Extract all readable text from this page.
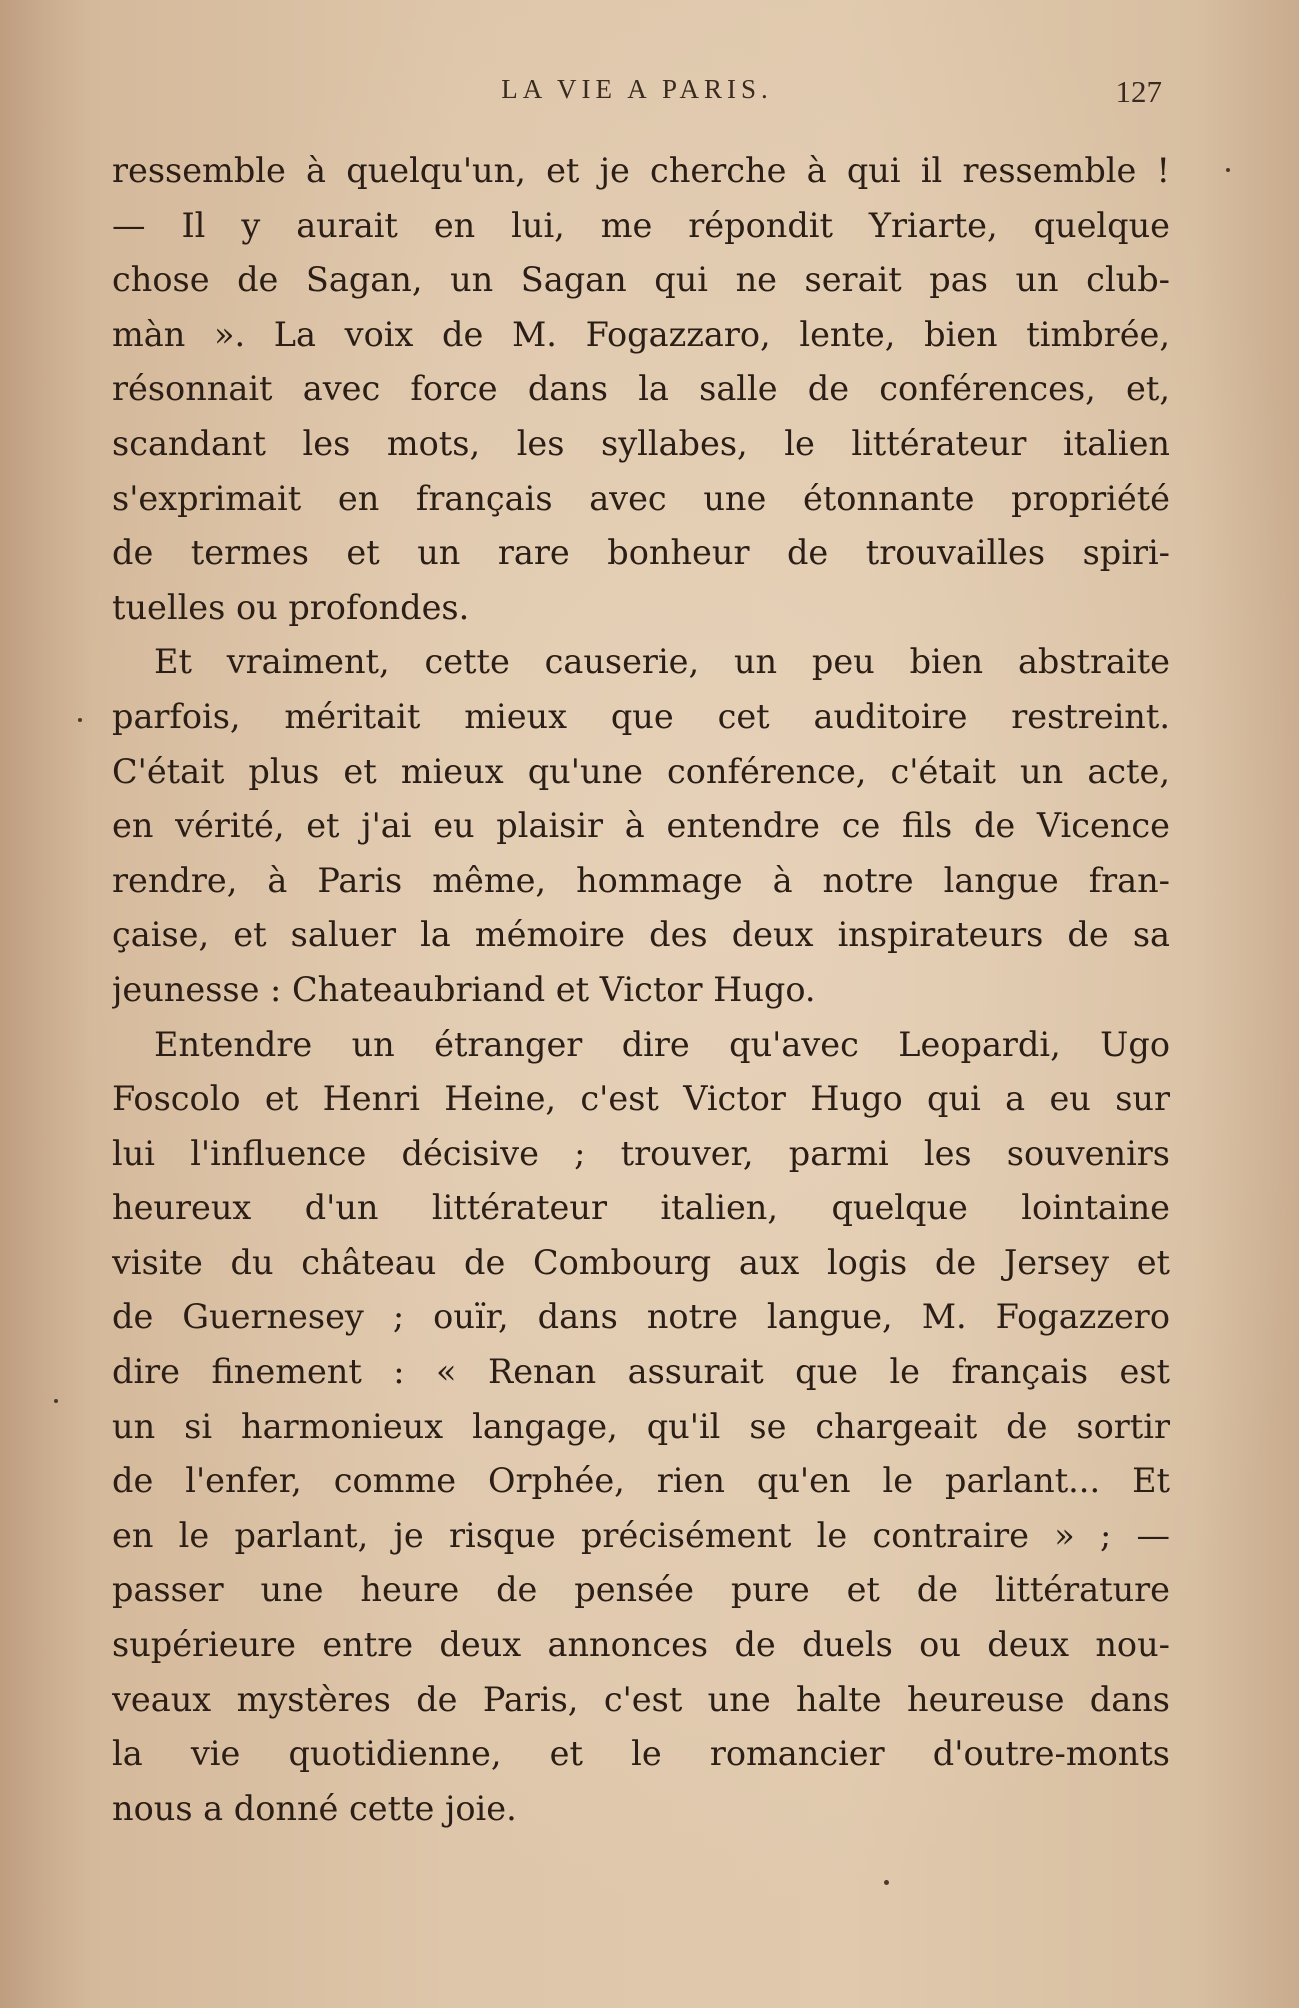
LA VIE A PARIS.	127
ressemble à quelqu'un, et je cherche à qui il ressemble !
— Il y aurait en lui, me répondit Yriarte, quelque
chose de Sagan, un Sagan qui ne serait pas un club-
màn ». La voix de M. Fogazzaro, lente, bien timbrée,
résonnait avec force dans la salle de conférences, et,
scandant les mots, les syllabes, le littérateur italien
s'exprimait en français avec une étonnante propriété
de termes et un rare bonheur de trouvailles spiri-
tuelles ou profondes.
Et vraiment, cette causerie, un peu bien abstraite
parfois, méritait mieux que cet auditoire restreint.
C'était plus et mieux qu'une conférence, c'était un acte,
en vérité, et j'ai eu plaisir à entendre ce fils de Vicence
rendre, à Paris même, hommage à notre langue fran-
çaise, et saluer la mémoire des deux inspirateurs de sa
jeunesse : Chateaubriand et Victor Hugo.
Entendre un étranger dire qu'avec Leopardi, Ugo
Foscolo et Henri Heine, c'est Victor Hugo qui a eu sur
lui l'influence décisive ; trouver, parmi les souvenirs
heureux d'un littérateur italien, quelque lointaine
visite du château de Combourg aux logis de Jersey et
de Guernesey ; ouïr, dans notre langue, M. Fogazzero
dire finement : « Renan assurait que le français est
un si harmonieux langage, qu'il se chargeait de sortir
de l'enfer, comme Orphée, rien qu'en le parlant... Et
en le parlant, je risque précisément le contraire » ; —
passer une heure de pensée pure et de littérature
supérieure entre deux annonces de duels ou deux nou-
veaux mystères de Paris, c'est une halte heureuse dans
la vie quotidienne, et le romancier d'outre-monts
nous a donné cette joie.
